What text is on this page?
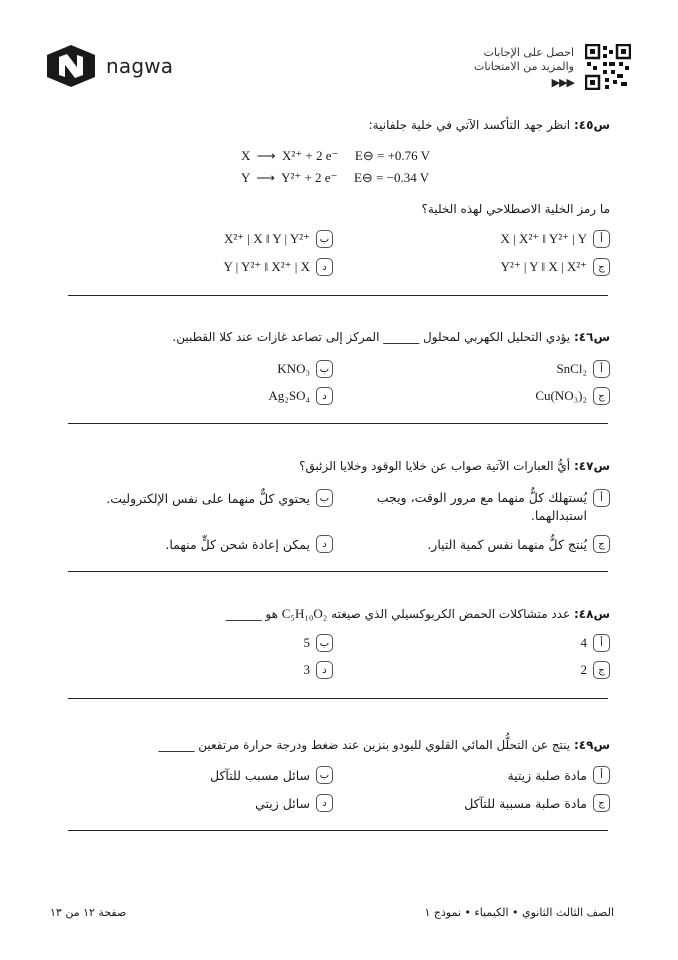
nagwa
احصل على الإجابات
والمزيد من الامتحانات
▶▶▶
س٤٥: انظر جهد التأكسد الآتي في خلية جلفانية:
X  ⟶  X²⁺ + 2 e⁻ E⊖ = +0.76 V
Y  ⟶  Y²⁺ + 2 e⁻ E⊖ = −0.34 V
ما رمز الخلية الاصطلاحي لهذه الخلية؟
أ
X | X²⁺ ‖ Y²⁺ | Y
ب
X²⁺ | X ‖ Y | Y²⁺
ج
Y²⁺ | Y ‖ X | X²⁺
د
Y | Y²⁺ ‖ X²⁺ | X
س٤٦: يؤدي التحليل الكهربي لمحلول ______ المركز إلى تصاعد غازات عند كلا القطبين.
أ
SnCl₂
ب
KNO₃
ج
Cu(NO₃)₂
د
Ag₂SO₄
س٤٧: أيُّ العبارات الآتية صواب عن خلايا الوقود وخلايا الزئبق؟
أ
يُستهلك كلٌّ منهما مع مرور الوقت، ويجب
استبدالهما.
ب
يحتوي كلٌّ منهما على نفس الإلكتروليت.
ج
يُنتج كلٌّ منهما نفس كمية التيار.
د
يمكن إعادة شحن كلٍّ منهما.
س٤٨: عدد متشاكلات الحمض الكربوكسيلي الذي صيغته C₅H₁₀O₂ هو ______
أ
4
ب
5
ج
2
د
3
س٤٩: ينتج عن التحلُّل المائي القلوي لليودو بنزين عند ضغط ودرجة حرارة مرتفعين ______
أ
مادة صلبة زيتية
ب
سائل مسبب للتآكل
ج
مادة صلبة مسببة للتآكل
د
سائل زيتي
صفحة ١٢ من ١٣	الصف الثالث الثانوي • الكيمياء • نموذج ١
